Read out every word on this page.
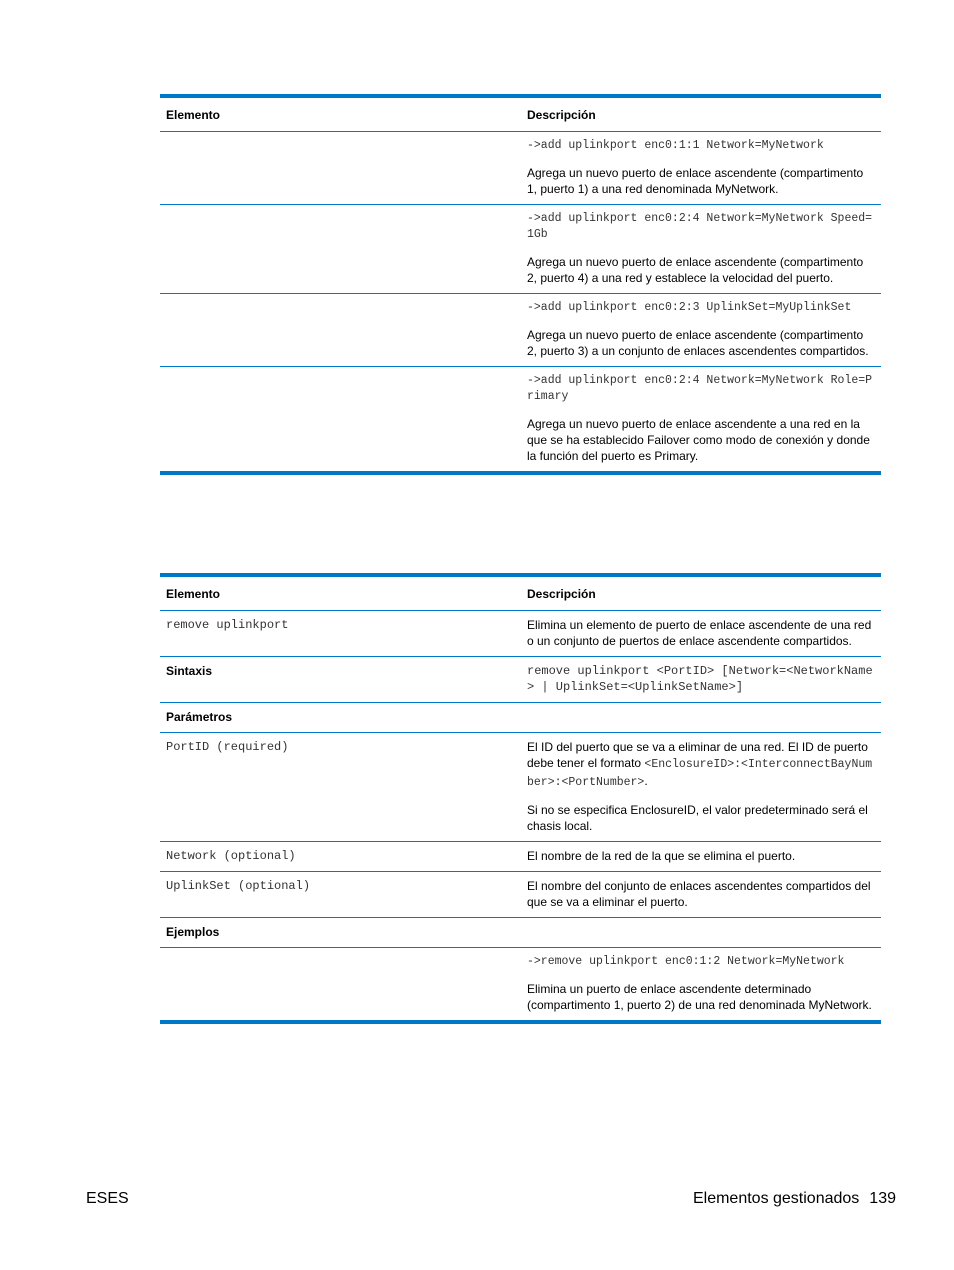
Elemento	Descripción

	->add uplinkport enc0:1:1 Network=MyNetwork

Agrega un nuevo puerto de enlace ascendente (compartimento 1, puerto 1) a una red denominada MyNetwork.

	->add uplinkport enc0:2:4 Network=MyNetwork Speed=1Gb

Agrega un nuevo puerto de enlace ascendente (compartimento 2, puerto 4) a una red y establece la velocidad del puerto.

	->add uplinkport enc0:2:3 UplinkSet=MyUplinkSet

Agrega un nuevo puerto de enlace ascendente (compartimento 2, puerto 3) a un conjunto de enlaces ascendentes compartidos.

	->add uplinkport enc0:2:4 Network=MyNetwork Role=Primary

Agrega un nuevo puerto de enlace ascendente a una red en la que se ha establecido Failover como modo de conexión y donde la función del puerto es Primary.

Elemento	Descripción
remove uplinkport	Elimina un elemento de puerto de enlace ascendente de una red o un conjunto de puertos de enlace ascendente compartidos.
Sintaxis	remove uplinkport <PortID> [Network=<NetworkName> | UplinkSet=<UplinkSetName>]
Parámetros	
PortID (required)	El ID del puerto que se va a eliminar de una red. El ID de puerto debe tener el formato <EnclosureID>:<InterconnectBayNumber>:<PortNumber>.

Si no se especifica EnclosureID, el valor predeterminado será el chasis local.

Network (optional)	El nombre de la red de la que se elimina el puerto.
UplinkSet (optional)	El nombre del conjunto de enlaces ascendentes compartidos del que se va a eliminar el puerto.
Ejemplos	

	->remove uplinkport enc0:1:2 Network=MyNetwork

Elimina un puerto de enlace ascendente determinado (compartimento 1, puerto 2) de una red denominada MyNetwork.

ESES	Elementos gestionados 139
